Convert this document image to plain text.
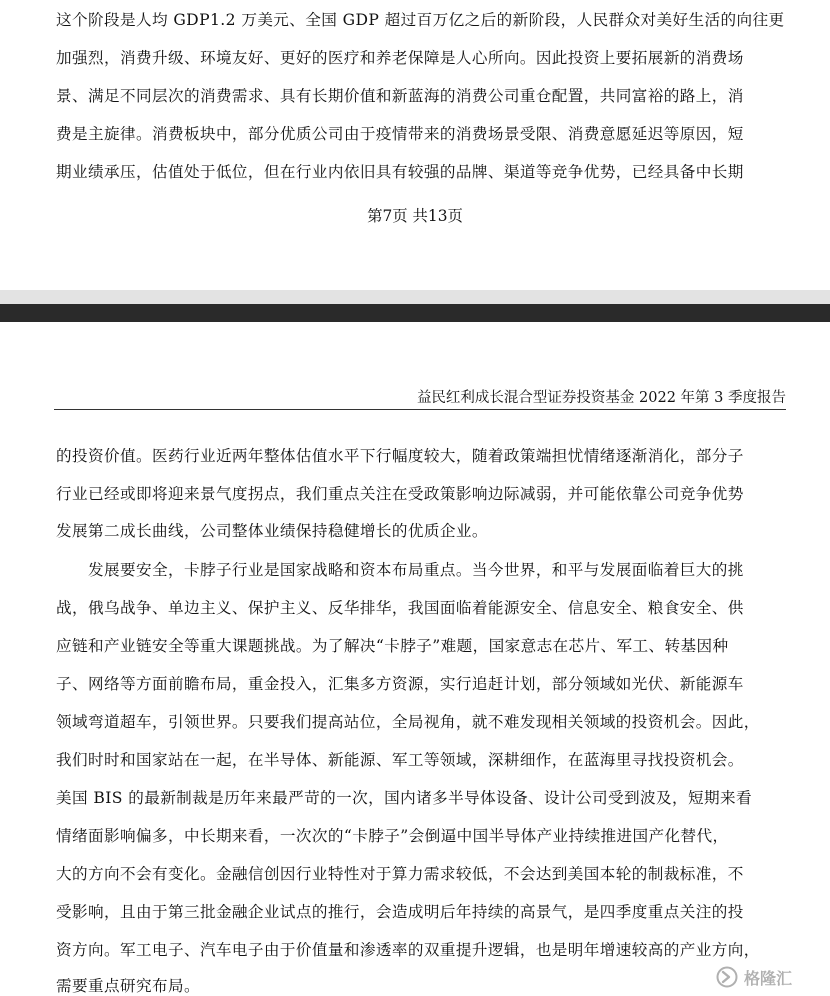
这个阶段是人均 GDP1.2 万美元、全国 GDP 超过百万亿之后的新阶段，人民群众对美好生活的向往更
加强烈，消费升级、环境友好、更好的医疗和养老保障是人心所向。因此投资上要拓展新的消费场
景、满足不同层次的消费需求、具有长期价值和新蓝海的消费公司重仓配置，共同富裕的路上，消
费是主旋律。消费板块中，部分优质公司由于疫情带来的消费场景受限、消费意愿延迟等原因，短
期业绩承压，估值处于低位，但在行业内依旧具有较强的品牌、渠道等竞争优势，已经具备中长期
第7页 共13页
益民红利成长混合型证券投资基金 2022 年第 3 季度报告
的投资价值。医药行业近两年整体估值水平下行幅度较大，随着政策端担忧情绪逐渐消化，部分子
行业已经或即将迎来景气度拐点，我们重点关注在受政策影响边际减弱，并可能依靠公司竞争优势
发展第二成长曲线，公司整体业绩保持稳健增长的优质企业。
　　发展要安全，卡脖子行业是国家战略和资本布局重点。当今世界，和平与发展面临着巨大的挑
战，俄乌战争、单边主义、保护主义、反华排华，我国面临着能源安全、信息安全、粮食安全、供
应链和产业链安全等重大课题挑战。为了解决“卡脖子”难题，国家意志在芯片、军工、转基因种
子、网络等方面前瞻布局，重金投入，汇集多方资源，实行追赶计划，部分领域如光伏、新能源车
领域弯道超车，引领世界。只要我们提高站位，全局视角，就不难发现相关领域的投资机会。因此，
我们时时和国家站在一起，在半导体、新能源、军工等领域，深耕细作，在蓝海里寻找投资机会。
美国 BIS 的最新制裁是历年来最严苛的一次，国内诸多半导体设备、设计公司受到波及，短期来看
情绪面影响偏多，中长期来看，一次次的“卡脖子”会倒逼中国半导体产业持续推进国产化替代，
大的方向不会有变化。金融信创因行业特性对于算力需求较低，不会达到美国本轮的制裁标准，不
受影响，且由于第三批金融企业试点的推行，会造成明后年持续的高景气，是四季度重点关注的投
资方向。军工电子、汽车电子由于价值量和渗透率的双重提升逻辑，也是明年增速较高的产业方向，
需要重点研究布局。	格隆汇
